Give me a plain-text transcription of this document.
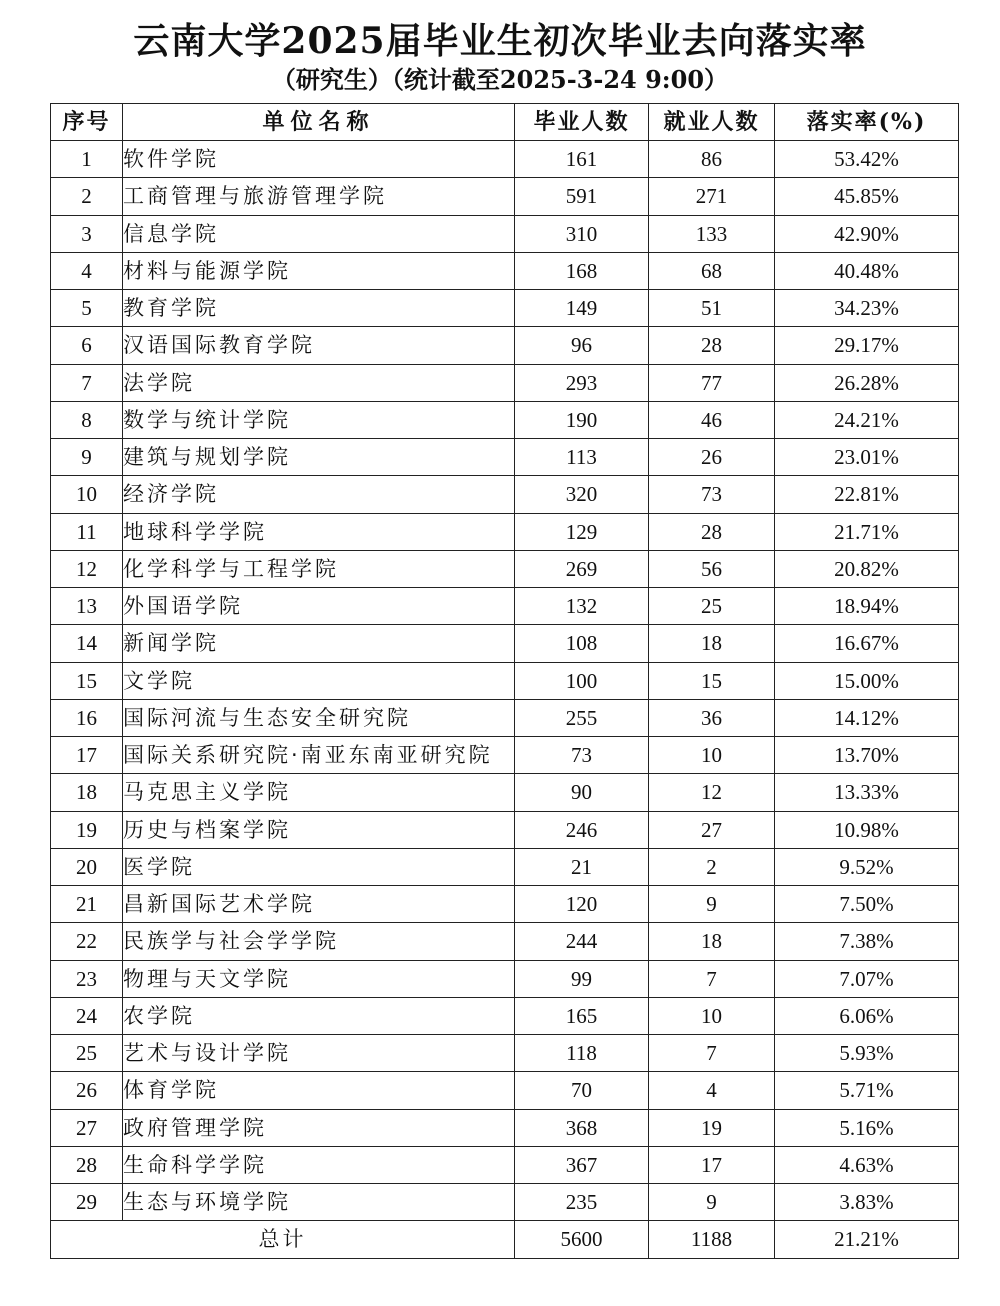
云南大学2025届毕业生初次毕业去向落实率
（研究生）（统计截至2025-3-24 9:00）
序号	单位名称	毕业人数	就业人数	落实率(%)
1	软件学院	161	86	53.42%
2	工商管理与旅游管理学院	591	271	45.85%
3	信息学院	310	133	42.90%
4	材料与能源学院	168	68	40.48%
5	教育学院	149	51	34.23%
6	汉语国际教育学院	96	28	29.17%
7	法学院	293	77	26.28%
8	数学与统计学院	190	46	24.21%
9	建筑与规划学院	113	26	23.01%
10	经济学院	320	73	22.81%
11	地球科学学院	129	28	21.71%
12	化学科学与工程学院	269	56	20.82%
13	外国语学院	132	25	18.94%
14	新闻学院	108	18	16.67%
15	文学院	100	15	15.00%
16	国际河流与生态安全研究院	255	36	14.12%
17	国际关系研究院·南亚东南亚研究院	73	10	13.70%
18	马克思主义学院	90	12	13.33%
19	历史与档案学院	246	27	10.98%
20	医学院	21	2	9.52%
21	昌新国际艺术学院	120	9	7.50%
22	民族学与社会学学院	244	18	7.38%
23	物理与天文学院	99	7	7.07%
24	农学院	165	10	6.06%
25	艺术与设计学院	118	7	5.93%
26	体育学院	70	4	5.71%
27	政府管理学院	368	19	5.16%
28	生命科学学院	367	17	4.63%
29	生态与环境学院	235	9	3.83%
总计		5600	1188	21.21%
